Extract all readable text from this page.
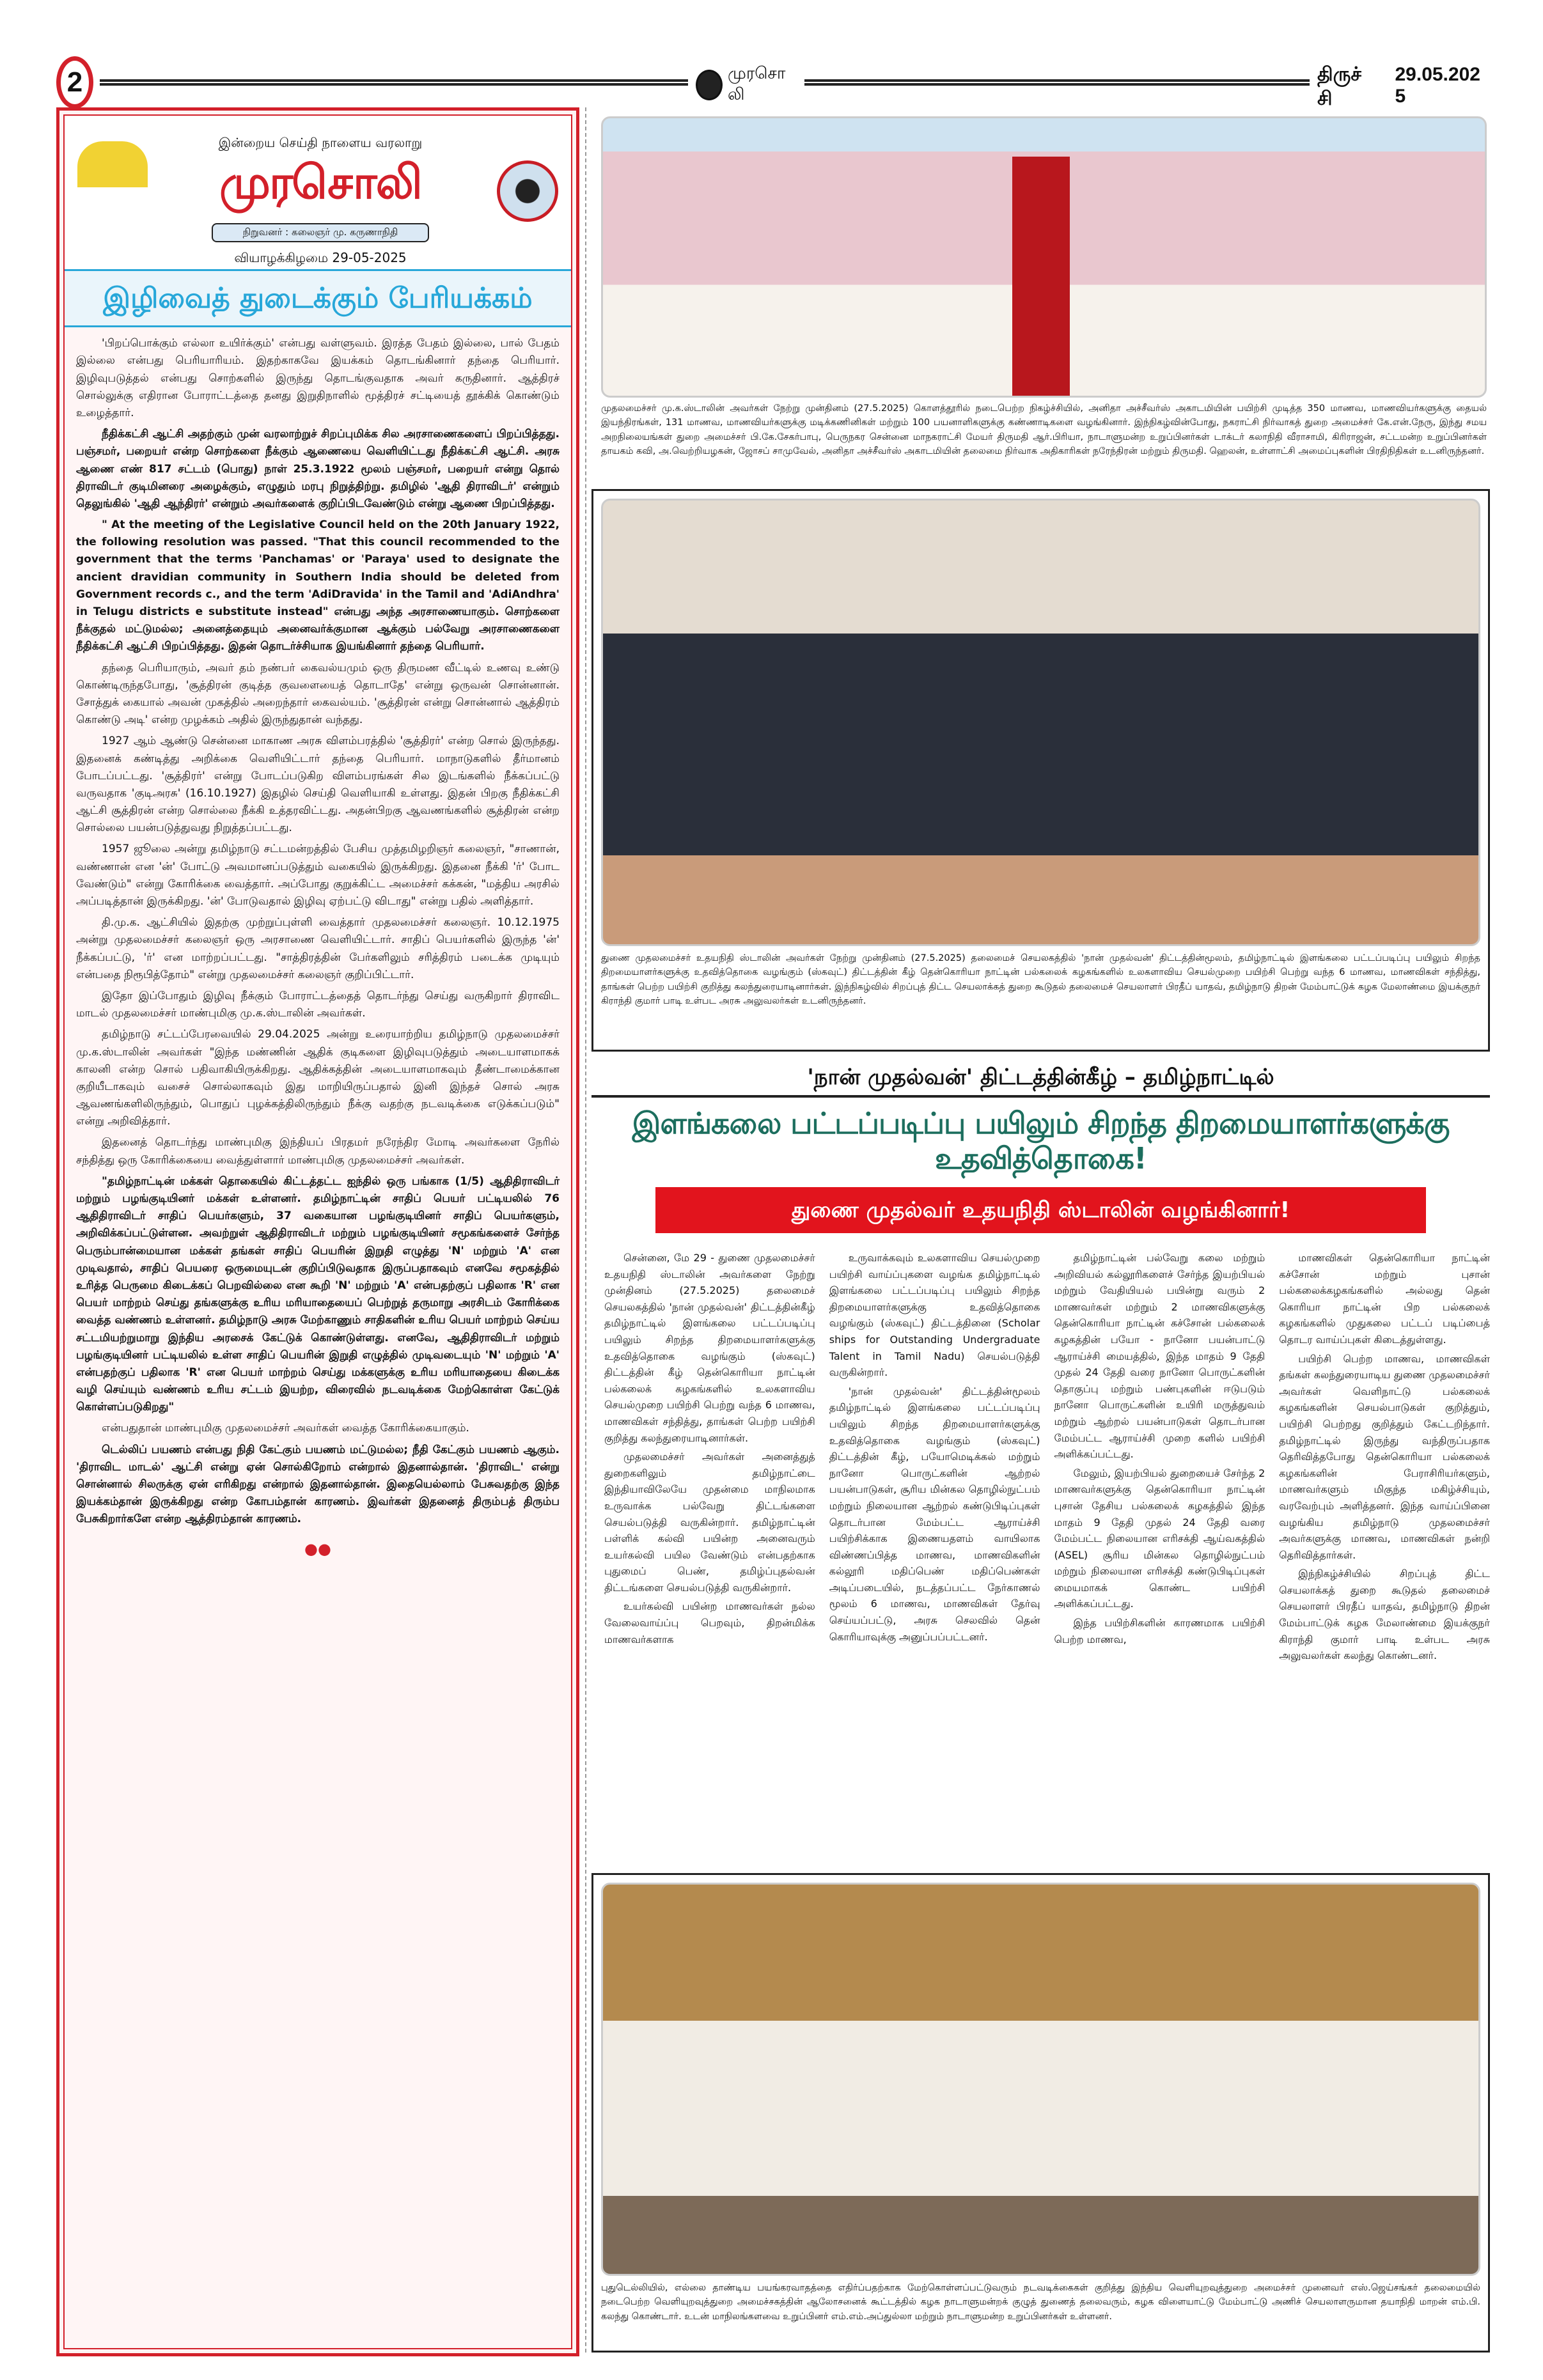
2	முரசொலி
திருச்சி
29.05.2025
இன்றைய செய்தி நாளைய வரலாறு
முரசொலி
நிறுவனர் : கலைஞர் மு. கருணாநிதி
வியாழக்கிழமை 29-05-2025
இழிவைத் துடைக்கும் பேரியக்கம்

'பிறப்பொக்கும் எல்லா உயிர்க்கும்' என்பது வள்ளுவம். இரத்த பேதம் இல்லை, பால் பேதம் இல்லை என்பது பெரியாரியம். இதற்காகவே இயக்கம் தொடங்கினார் தந்தை பெரியார். இழிவுபடுத்தல் என்பது சொற்களில் இருந்து தொடங்குவதாக அவர் கருதினார். ஆத்திரச் சொல்லுக்கு எதிரான போராட்டத்தை தனது இறுதிநாளில் மூத்திரச் சட்டியைத் தூக்கிக் கொண்டும் உழைத்தார்.

நீதிக்கட்சி ஆட்சி அதற்கும் முன் வரலாற்றுச் சிறப்புமிக்க சில அரசாணைகளைப் பிறப்பித்தது. பஞ்சமர், பறையர் என்ற சொற்களை நீக்கும் ஆணையை வெளியிட்டது நீதிக்கட்சி ஆட்சி. அரசு ஆணை எண் 817 சட்டம் (பொது) நாள் 25.3.1922 மூலம் பஞ்சமர், பறையர் என்று தொல் திராவிடர் குடிமினரை அழைக்கும், எழுதும் மரபு நிறுத்திற்று. தமிழில் 'ஆதி திராவிடர்' என்றும் தெலுங்கில் 'ஆதி ஆந்திரர்' என்றும் அவர்களைக் குறிப்பிடவேண்டும் என்று ஆணை பிறப்பித்தது.

" At the meeting of the Legislative Council held on the 20th January 1922, the following resolution was passed. "That this council recommended to the government that the terms 'Panchamas' or 'Paraya' used to designate the ancient dravidian community in Southern India should be deleted from Government records c., and the term 'AdiDravida' in the Tamil and 'AdiAndhra' in Telugu districts e substitute instead" என்பது அந்த அரசாணையாகும். சொற்களை நீக்குதல் மட்டுமல்ல; அனைத்தையும் அனைவர்க்குமான ஆக்கும் பல்வேறு அரசாணைகளை நீதிக்கட்சி ஆட்சி பிறப்பித்தது. இதன் தொடர்ச்சியாக இயங்கினார் தந்தை பெரியார்.

தந்தை பெரியாரும், அவர் தம் நண்பர் கைவல்யமும் ஒரு திருமண வீட்டில் உணவு உண்டு கொண்டிருந்தபோது, 'சூத்திரன் குடித்த குவளையைத் தொடாதே' என்று ஒருவன் சொன்னான். சோத்துக் கையால் அவன் முகத்தில் அறைந்தார் கைவல்யம். 'சூத்திரன் என்று சொன்னால் ஆத்திரம் கொண்டு அடி' என்ற முழக்கம் அதில் இருந்துதான் வந்தது.

1927 ஆம் ஆண்டு சென்னை மாகாண அரசு விளம்பரத்தில் 'சூத்திரர்' என்ற சொல் இருந்தது. இதனைக் கண்டித்து அறிக்கை வெளியிட்டார் தந்தை பெரியார். மாநாடுகளில் தீர்மானம் போடப்பட்டது. 'சூத்திரர்' என்று போடப்படுகிற விளம்பரங்கள் சில இடங்களில் நீக்கப்பட்டு வருவதாக 'குடிஅரசு' (16.10.1927) இதழில் செய்தி வெளியாகி உள்ளது. இதன் பிறகு நீதிக்கட்சி ஆட்சி சூத்திரன் என்ற சொல்லை நீக்கி உத்தரவிட்டது. அதன்பிறகு ஆவணங்களில் சூத்திரன் என்ற சொல்லை பயன்படுத்துவது நிறுத்தப்பட்டது.

1957 ஜூலை அன்று தமிழ்நாடு சட்டமன்றத்தில் பேசிய முத்தமிழறிஞர் கலைஞர், "சாணான், வண்ணான் என 'ன்' போட்டு அவமானப்படுத்தும் வகையில் இருக்கிறது. இதனை நீக்கி 'ர்' போட வேண்டும்" என்று கோரிக்கை வைத்தார். அப்போது குறுக்கிட்ட அமைச்சர் கக்கன், "மத்திய அரசில் அப்படித்தான் இருக்கிறது. 'ன்' போடுவதால் இழிவு ஏற்பட்டு விடாது" என்று பதில் அளித்தார்.

தி.மு.க. ஆட்சியில் இதற்கு முற்றுப்புள்ளி வைத்தார் முதலமைச்சர் கலைஞர். 10.12.1975 அன்று முதலமைச்சர் கலைஞர் ஒரு அரசாணை வெளியிட்டார். சாதிப் பெயர்களில் இருந்த 'ன்' நீக்கப்பட்டு, 'ர்' என மாற்றப்பட்டது. "சாத்திரத்தின் பேர்களிலும் சரித்திரம் படைக்க முடியும் என்பதை நிரூபித்தோம்" என்று முதலமைச்சர் கலைஞர் குறிப்பிட்டார்.

இதோ இப்போதும் இழிவு நீக்கும் போராட்டத்தைத் தொடர்ந்து செய்து வருகிறார் திராவிட மாடல் முதலமைச்சர் மாண்புமிகு மு.க.ஸ்டாலின் அவர்கள்.

தமிழ்நாடு சட்டப்பேரவையில் 29.04.2025 அன்று உரையாற்றிய தமிழ்நாடு முதலமைச்சர் மு.க.ஸ்டாலின் அவர்கள் "இந்த மண்ணின் ஆதிக் குடிகளை இழிவுபடுத்தும் அடையாளமாகக் காலனி என்ற சொல் பதிவாகியிருக்கிறது. ஆதிக்கத்தின் அடையாளமாகவும் தீண்டாமைக்கான குறியீடாகவும் வசைச் சொல்லாகவும் இது மாறியிருப்பதால் இனி இந்தச் சொல் அரசு ஆவணங்களிலிருந்தும், பொதுப் புழக்கத்திலிருந்தும் நீக்கு வதற்கு நடவடிக்கை எடுக்கப்படும்" என்று அறிவித்தார்.

இதனைத் தொடர்ந்து மாண்புமிகு இந்தியப் பிரதமர் நரேந்திர மோடி அவர்களை நேரில் சந்தித்து ஒரு கோரிக்கையை வைத்துள்ளார் மாண்புமிகு முதலமைச்சர் அவர்கள்.

"தமிழ்நாட்டின் மக்கள் தொகையில் கிட்டத்தட்ட ஐந்தில் ஒரு பங்காக (1/5) ஆதிதிராவிடர் மற்றும் பழங்குடியினர் மக்கள் உள்ளனர். தமிழ்நாட்டின் சாதிப் பெயர் பட்டியலில் 76 ஆதிதிராவிடர் சாதிப் பெயர்களும், 37 வகையான பழங்குடியினர் சாதிப் பெயர்களும், அறிவிக்கப்பட்டுள்ளன. அவற்றுள் ஆதிதிராவிடர் மற்றும் பழங்குடியினர் சமூகங்களைச் சேர்ந்த பெரும்பான்மையான மக்கள் தங்கள் சாதிப் பெயரின் இறுதி எழுத்து 'N' மற்றும் 'A' என முடிவதால், சாதிப் பெயரை ஒருமையுடன் குறிப்பிடுவதாக இருப்பதாகவும் எனவே சமூகத்தில் உரித்த பெருமை கிடைக்கப் பெறவில்லை என கூறி 'N' மற்றும் 'A' என்பதற்குப் பதிலாக 'R' என பெயர் மாற்றம் செய்து தங்களுக்கு உரிய மரியாதையைப் பெற்றுத் தருமாறு அரசிடம் கோரிக்கை வைத்த வண்ணம் உள்ளனர். தமிழ்நாடு அரசு மேற்காணும் சாதிகளின் உரிய பெயர் மாற்றம் செய்ய சட்டமியற்றுமாறு இந்திய அரசைக் கேட்டுக் கொண்டுள்ளது. எனவே, ஆதிதிராவிடர் மற்றும் பழங்குடியினர் பட்டியலில் உள்ள சாதிப் பெயரின் இறுதி எழுத்தில் முடிவடையும் 'N' மற்றும் 'A' என்பதற்குப் பதிலாக 'R' என பெயர் மாற்றம் செய்து மக்களுக்கு உரிய மரியாதையை கிடைக்க வழி செய்யும் வண்ணம் உரிய சட்டம் இயற்ற, விரைவில் நடவடிக்கை மேற்கொள்ள கேட்டுக் கொள்ளப்படுகிறது"

என்பதுதான் மாண்புமிகு முதலமைச்சர் அவர்கள் வைத்த கோரிக்கையாகும்.

டெல்லிப் பயணம் என்பது நிதி கேட்கும் பயணம் மட்டுமல்ல; நீதி கேட்கும் பயணம் ஆகும். 'திராவிட மாடல்' ஆட்சி என்று ஏன் சொல்கிறோம் என்றால் இதனால்தான். 'திராவிட' என்று சொன்னால் சிலருக்கு ஏன் எரிகிறது என்றால் இதனால்தான். இதையெல்லாம் பேசுவதற்கு இந்த இயக்கம்தான் இருக்கிறது என்ற கோபம்தான் காரணம். இவர்கள் இதனைத் திரும்பத் திரும்ப பேசுகிறார்களே என்ற ஆத்திரம்தான் காரணம்.

●●
முதலமைச்சர் மு.க.ஸ்டாலின் அவர்கள் நேற்று முன்தினம் (27.5.2025) கொளத்தூரில் நடைபெற்ற நிகழ்ச்சியில், அனிதா அச்சீவர்ஸ் அகாடமியின் பயிற்சி முடித்த 350 மாணவ, மாணவியர்களுக்கு தையல் இயந்திரங்கள், 131 மாணவ, மாணவியர்களுக்கு மடிக்கணினிகள் மற்றும் 100 பயனாளிகளுக்கு கண்ணாடிகளை வழங்கினார். இந்நிகழ்வின்போது, நகராட்சி நிர்வாகத் துறை அமைச்சர் கே.என்.நேரு, இந்து சமய அறநிலையங்கள் துறை அமைச்சர் பி.கே.சேகர்பாபு, பெருநகர சென்னை மாநகராட்சி மேயர் திருமதி ஆர்.பிரியா, நாடாளுமன்ற உறுப்பினர்கள் டாக்டர் கலாநிதி வீராசாமி, கிரிராஜன், சட்டமன்ற உறுப்பினர்கள் தாயகம் கவி, அ.வெற்றியழகன், ஜோசப் சாமுவேல், அனிதா அச்சீவர்ஸ் அகாடமியின் தலைமை நிர்வாக அதிகாரிகள் நரேந்திரன் மற்றும் திருமதி. ஹெலன், உள்ளாட்சி அமைப்புகளின் பிரதிநிதிகள் உடனிருந்தனர்.
துணை முதலமைச்சர் உதயநிதி ஸ்டாலின் அவர்கள் நேற்று முன்தினம் (27.5.2025) தலைமைச் செயலகத்தில் 'நான் முதல்வன்' திட்டத்தின்மூலம், தமிழ்நாட்டில் இளங்கலை பட்டப்படிப்பு பயிலும் சிறந்த திறமையாளர்களுக்கு உதவித்தொகை வழங்கும் (ஸ்கவுட்) திட்டத்தின் கீழ் தென்கொரியா நாட்டின் பல்கலைக் கழகங்களில் உலகளாவிய செயல்முறை பயிற்சி பெற்று வந்த 6 மாணவ, மாணவிகள் சந்தித்து, தாங்கள் பெற்ற பயிற்சி குறித்து கலந்துரையாடினார்கள். இந்நிகழ்வில் சிறப்புத் திட்ட செயலாக்கத் துறை கூடுதல் தலைமைச் செயலாளர் பிரதீப் யாதவ், தமிழ்நாடு திறன் மேம்பாட்டுக் கழக மேலாண்மை இயக்குநர் கிராந்தி குமார் பாடி உள்பட அரசு அலுவலர்கள் உடனிருந்தனர்.
'நான் முதல்வன்' திட்டத்தின்கீழ் – தமிழ்நாட்டில்
இளங்கலை பட்டப்படிப்பு பயிலும் சிறந்த திறமையாளர்களுக்கு உதவித்தொகை!
துணை முதல்வர் உதயநிதி ஸ்டாலின் வழங்கினார்!

சென்னை, மே 29 - துணை முதலமைச்சர் உதயநிதி ஸ்டாலின் அவர்களை நேற்று முன்தினம் (27.5.2025) தலைமைச் செயலகத்தில் 'நான் முதல்வன்' திட்டத்தின்கீழ் தமிழ்நாட்டில் இளங்கலை பட்டப்படிப்பு பயிலும் சிறந்த திறமையாளர்களுக்கு உதவித்தொகை வழங்கும் (ஸ்கவுட்) திட்டத்தின் கீழ் தென்கொரியா நாட்டின் பல்கலைக் கழகங்களில் உலகளாவிய செயல்முறை பயிற்சி பெற்று வந்த 6 மாணவ, மாணவிகள் சந்தித்து, தாங்கள் பெற்ற பயிற்சி குறித்து கலந்துரையாடினார்கள்.

முதலமைச்சர் அவர்கள் அனைத்துத் துறைகளிலும் தமிழ்நாட்டை இந்தியாவிலேயே முதன்மை மாநிலமாக உருவாக்க பல்வேறு திட்டங்களை செயல்படுத்தி வருகின்றார். தமிழ்நாட்டின் பள்ளிக் கல்வி பயின்ற அனைவரும் உயர்கல்வி பயில வேண்டும் என்பதற்காக புதுமைப் பெண், தமிழ்ப்புதல்வன் திட்டங்களை செயல்படுத்தி வருகின்றார்.

உயர்கல்வி பயின்ற மாணவர்கள் நல்ல வேலைவாய்ப்பு பெறவும், திறன்மிக்க மாணவர்களாக

உருவாக்கவும் உலகளாவிய செயல்முறை பயிற்சி வாய்ப்புகளை வழங்க தமிழ்நாட்டில் இளங்கலை பட்டப்படிப்பு பயிலும் சிறந்த திறமையாளர்களுக்கு உதவித்தொகை வழங்கும் (ஸ்கவுட்) திட்டத்தினை (Scholar ships for Outstanding Undergraduate Talent in Tamil Nadu) செயல்படுத்தி வருகின்றார்.

'நான் முதல்வன்' திட்டத்தின்மூலம் தமிழ்நாட்டில் இளங்கலை பட்டப்படிப்பு பயிலும் சிறந்த திறமையாளர்களுக்கு உதவித்தொகை வழங்கும் (ஸ்கவுட்) திட்டத்தின் கீழ், பயோமெடிக்கல் மற்றும் நானோ பொருட்களின் ஆற்றல் பயன்பாடுகள், சூரிய மின்கல தொழில்நுட்பம் மற்றும் நிலையான ஆற்றல் கண்டுபிடிப்புகள் தொடர்பான மேம்பட்ட ஆராய்ச்சி பயிற்சிக்காக இணையதளம் வாயிலாக விண்ணப்பித்த மாணவ, மாணவிகளின் கல்லூரி மதிப்பெண் மதிப்பெண்கள் அடிப்படையில், நடத்தப்பட்ட நேர்காணல் மூலம் 6 மாணவ, மாணவிகள் தேர்வு செய்யப்பட்டு, அரசு செலவில் தென் கொரியாவுக்கு அனுப்பப்பட்டனர்.

தமிழ்நாட்டின் பல்வேறு கலை மற்றும் அறிவியல் கல்லூரிகளைச் சேர்ந்த இயற்பியல் மற்றும் வேதியியல் பயின்று வரும் 2 மாணவர்கள் மற்றும் 2 மாணவிகளுக்கு தென்கொரியா நாட்டின் கச்சோன் பல்கலைக் கழகத்தின் பயோ - நானோ பயன்பாட்டு ஆராய்ச்சி மையத்தில், இந்த மாதம் 9 தேதி முதல் 24 தேதி வரை நானோ பொருட்களின் தொகுப்பு மற்றும் பண்புகளின் ஈடுபடும் நானோ பொருட்களின் உயிரி மருத்துவம் மற்றும் ஆற்றல் பயன்பாடுகள் தொடர்பான மேம்பட்ட ஆராய்ச்சி முறை களில் பயிற்சி அளிக்கப்பட்டது.

மேலும், இயற்பியல் துறையைச் சேர்ந்த 2 மாணவர்களுக்கு தென்கொரியா நாட்டின் புசான் தேசிய பல்கலைக் கழகத்தில் இந்த மாதம் 9 தேதி முதல் 24 தேதி வரை மேம்பட்ட நிலையான எரிசக்தி ஆய்வகத்தில் (ASEL) சூரிய மின்கல தொழில்நுட்பம் மற்றும் நிலையான எரிசக்தி கண்டுபிடிப்புகள் மையமாகக் கொண்ட பயிற்சி அளிக்கப்பட்டது.

இந்த பயிற்சிகளின் காரணமாக பயிற்சி பெற்ற மாணவ,

மாணவிகள் தென்கொரியா நாட்டின் கச்சோன் மற்றும் புசான் பல்கலைக்கழகங்களில் அல்லது தென் கொரியா நாட்டின் பிற பல்கலைக் கழகங்களில் முதுகலை பட்டப் படிப்பைத் தொடர வாய்ப்புகள் கிடைத்துள்ளது.

பயிற்சி பெற்ற மாணவ, மாணவிகள் தங்கள் கலந்துரையாடிய துணை முதலமைச்சர் அவர்கள் வெளிநாட்டு பல்கலைக் கழகங்களின் செயல்பாடுகள் குறித்தும், பயிற்சி பெற்றது குறித்தும் கேட்டறிந்தார். தமிழ்நாட்டில் இருந்து வந்திருப்பதாக தெரிவித்தபோது தென்கொரியா பல்கலைக் கழகங்களின் பேராசிரியர்களும், மாணவர்களும் மிகுந்த மகிழ்ச்சியும், வரவேற்பும் அளித்தனர். இந்த வாய்ப்பினை வழங்கிய தமிழ்நாடு முதலமைச்சர் அவர்களுக்கு மாணவ, மாணவிகள் நன்றி தெரிவித்தார்கள்.

இந்நிகழ்ச்சியில் சிறப்புத் திட்ட செயலாக்கத் துறை கூடுதல் தலைமைச் செயலாளர் பிரதீப் யாதவ், தமிழ்நாடு திறன் மேம்பாட்டுக் கழக மேலாண்மை இயக்குநர் கிராந்தி குமார் பாடி உள்பட அரசு அலுவலர்கள் கலந்து கொண்டனர்.

புதுடெல்லியில், எல்லை தாண்டிய பயங்கரவாதத்தை எதிர்ப்பதற்காக மேற்கொள்ளப்பட்டுவரும் நடவடிக்கைகள் குறித்து இந்திய வெளியுறவுத்துறை அமைச்சர் முனைவர் எஸ்.ஜெய்சங்கர் தலைமையில் நடைபெற்ற வெளியுறவுத்துறை அமைச்சகத்தின் ஆலோசனைக் கூட்டத்தில் கழக நாடாளுமன்றக் குழுத் துணைத் தலைவரும், கழக விளையாட்டு மேம்பாட்டு அணிச் செயலாளருமான தயாநிதி மாறன் எம்.பி. கலந்து கொண்டார். உடன் மாநிலங்களவை உறுப்பினர் எம்.எம்.அப்துல்லா மற்றும் நாடாளுமன்ற உறுப்பினர்கள் உள்ளனர்.
